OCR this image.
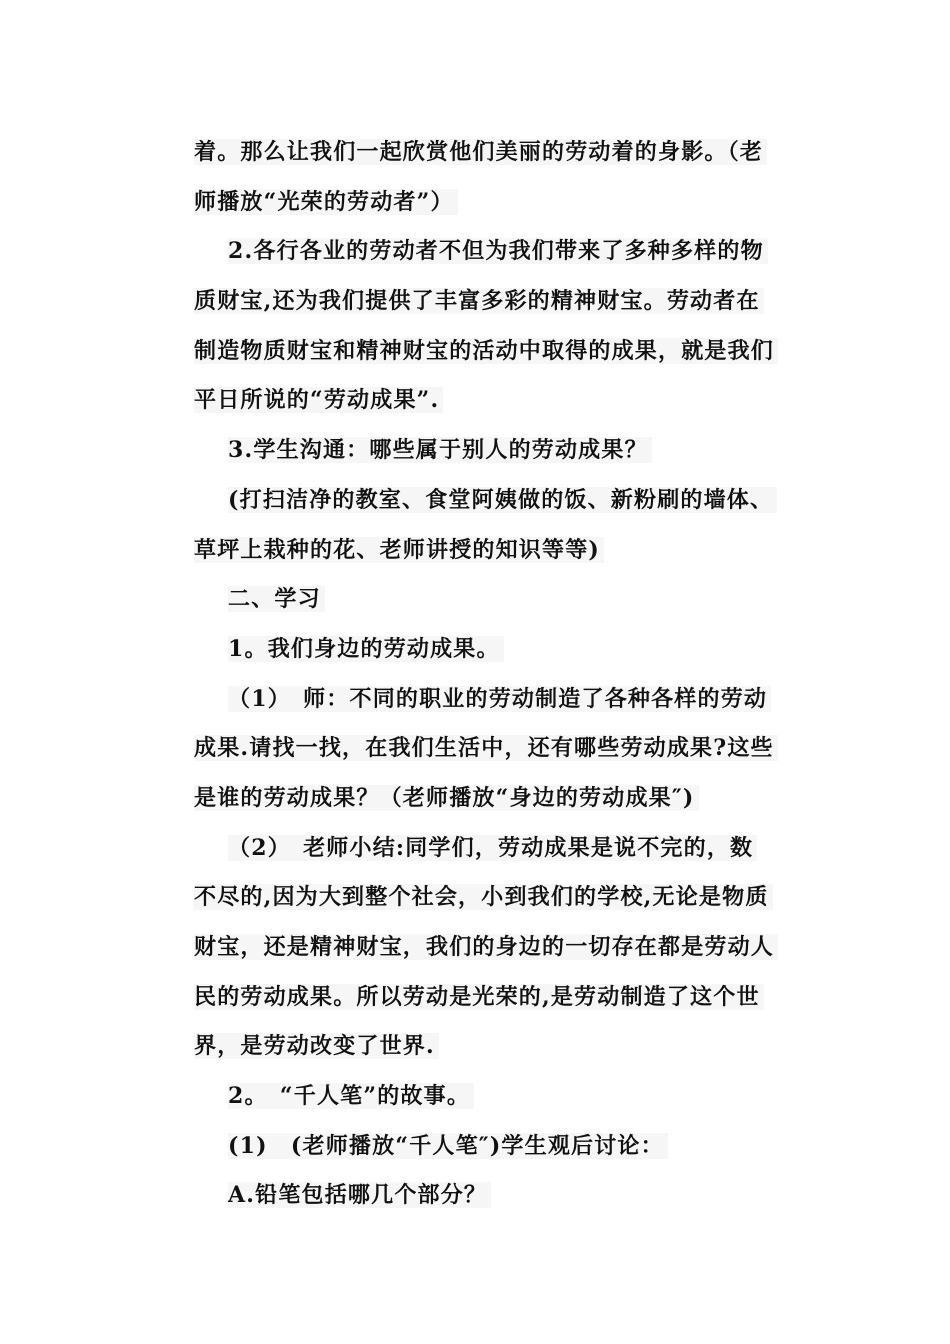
着。那么让我们一起欣赏他们美丽的劳动着的身影。（老
师播放“光荣的劳动者”）
2.各行各业的劳动者不但为我们带来了多种多样的物
质财宝,还为我们提供了丰富多彩的精神财宝。劳动者在
制造物质财宝和精神财宝的活动中取得的成果，就是我们
平日所说的“劳动成果”.
3.学生沟通：哪些属于别人的劳动成果？
(打扫洁净的教室、食堂阿姨做的饭、新粉刷的墙体、
草坪上栽种的花、老师讲授的知识等等)
二、学习
1。我们身边的劳动成果。
（1）　师：不同的职业的劳动制造了各种各样的劳动
成果.请找一找，在我们生活中，还有哪些劳动成果?这些
是谁的劳动成果？（老师播放“身边的劳动成果″)
（2）　老师小结:同学们，劳动成果是说不完的，数
不尽的,因为大到整个社会，小到我们的学校,无论是物质
财宝，还是精神财宝，我们的身边的一切存在都是劳动人
民的劳动成果。所以劳动是光荣的,是劳动制造了这个世
界，是劳动改变了世界.
2。　“千人笔”的故事。
(1)　(老师播放“千人笔″)学生观后讨论：
A.铅笔包括哪几个部分？
